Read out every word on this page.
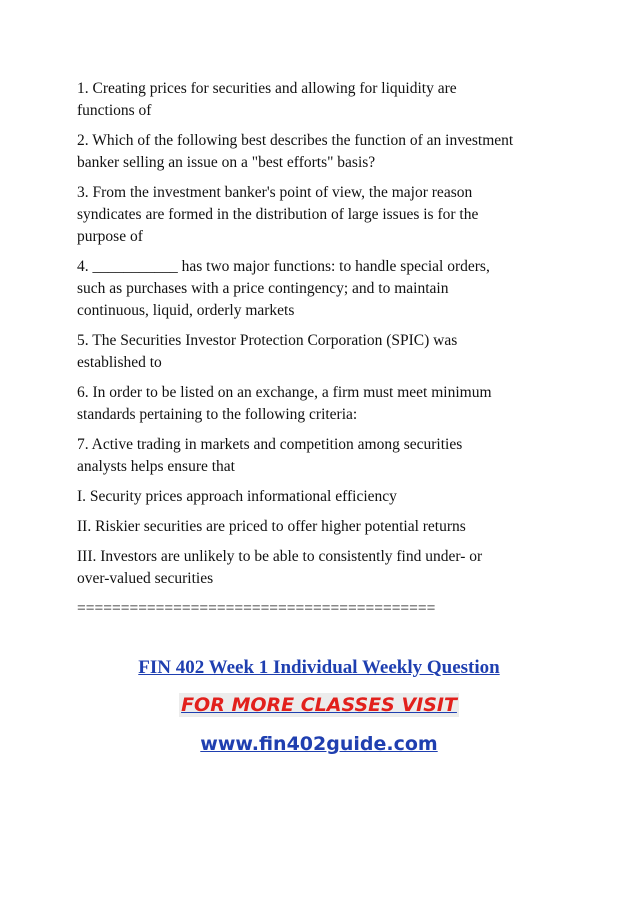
1. Creating prices for securities and allowing for liquidity are
functions of
2. Which of the following best describes the function of an investment
banker selling an issue on a "best efforts" basis?
3. From the investment banker's point of view, the major reason
syndicates are formed in the distribution of large issues is for the
purpose of
4. ___________ has two major functions: to handle special orders,
such as purchases with a price contingency; and to maintain
continuous, liquid, orderly markets
5. The Securities Investor Protection Corporation (SPIC) was
established to
6. In order to be listed on an exchange, a firm must meet minimum
standards pertaining to the following criteria:
7. Active trading in markets and competition among securities
analysts helps ensure that
I. Security prices approach informational efficiency
II. Riskier securities are priced to offer higher potential returns
III. Investors are unlikely to be able to consistently find under- or
over-valued securities
=========================================
FIN 402 Week 1 Individual Weekly Question
FOR MORE CLASSES VISIT
www.fin402guide.com
